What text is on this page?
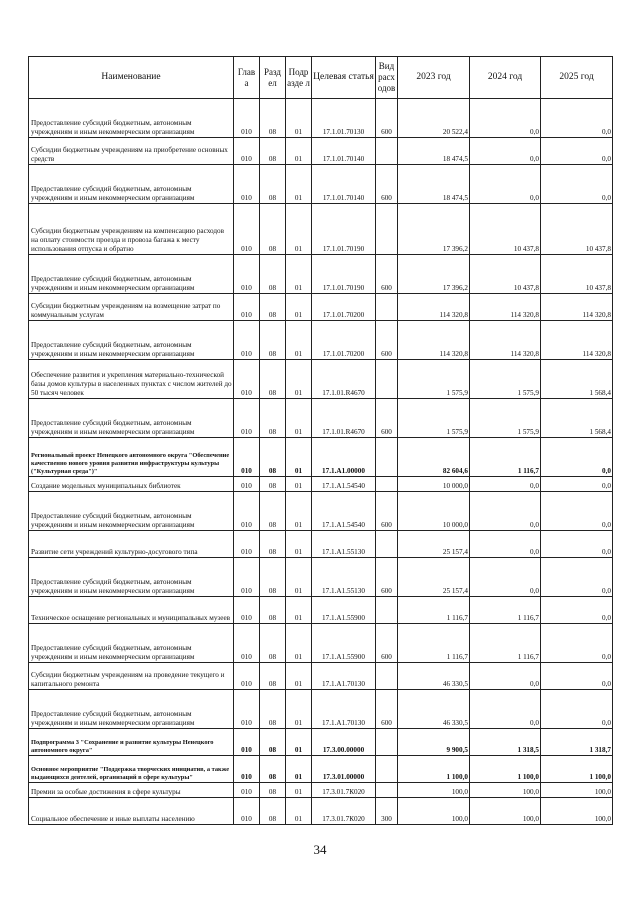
Наименование	Глав а	Разд ел	Подр азде л	Целевая статья	Вид расх одов	2023 год	2024 год	2025 год
Предоставление субсидий бюджетным, автономным учреждениям и иным некоммерческим организациям	010	08	01	17.1.01.70130	600	20 522,4	0,0	0,0
Субсидии бюджетным учреждениям на приобретение основных средств	010	08	01	17.1.01.70140		18 474,5	0,0	0,0
Предоставление субсидий бюджетным, автономным учреждениям и иным некоммерческим организациям	010	08	01	17.1.01.70140	600	18 474,5	0,0	0,0
Субсидии бюджетным учреждениям на компенсацию расходов на оплату стоимости проезда и провоза багажа к месту использования отпуска и обратно	010	08	01	17.1.01.70190		17 396,2	10 437,8	10 437,8
Предоставление субсидий бюджетным, автономным учреждениям и иным некоммерческим организациям	010	08	01	17.1.01.70190	600	17 396,2	10 437,8	10 437,8
Субсидии бюджетным учреждениям на возмещение затрат по коммунальным услугам	010	08	01	17.1.01.70200		114 320,8	114 320,8	114 320,8
Предоставление субсидий бюджетным, автономным учреждениям и иным некоммерческим организациям	010	08	01	17.1.01.70200	600	114 320,8	114 320,8	114 320,8
Обеспечение развития и укрепления материально-технической базы домов культуры в населенных пунктах с числом жителей до 50 тысяч человек	010	08	01	17.1.01.R4670		1 575,9	1 575,9	1 568,4
Предоставление субсидий бюджетным, автономным учреждениям и иным некоммерческим организациям	010	08	01	17.1.01.R4670	600	1 575,9	1 575,9	1 568,4
Региональный проект Ненецкого автономного округа "Обеспечение качественно нового уровня развития инфраструктуры культуры ("Культурная среда")"	010	08	01	17.1.A1.00000		82 604,6	1 116,7	0,0
Создание модельных муниципальных библиотек	010	08	01	17.1.A1.54540		10 000,0	0,0	0,0
Предоставление субсидий бюджетным, автономным учреждениям и иным некоммерческим организациям	010	08	01	17.1.A1.54540	600	10 000,0	0,0	0,0
Развитие сети учреждений культурно-досугового типа	010	08	01	17.1.A1.55130		25 157,4	0,0	0,0
Предоставление субсидий бюджетным, автономным учреждениям и иным некоммерческим организациям	010	08	01	17.1.A1.55130	600	25 157,4	0,0	0,0
Техническое оснащение региональных и муниципальных музеев	010	08	01	17.1.A1.55900		1 116,7	1 116,7	0,0
Предоставление субсидий бюджетным, автономным учреждениям и иным некоммерческим организациям	010	08	01	17.1.A1.55900	600	1 116,7	1 116,7	0,0
Субсидии бюджетным учреждениям на проведение текущего и капитального ремонта	010	08	01	17.1.A1.70130		46 330,5	0,0	0,0
Предоставление субсидий бюджетным, автономным учреждениям и иным некоммерческим организациям	010	08	01	17.1.A1.70130	600	46 330,5	0,0	0,0
Подпрограмма 3 "Сохранение и развитие культуры Ненецкого автономного округа"	010	08	01	17.3.00.00000		9 900,5	1 318,5	1 318,7
Основное мероприятие "Поддержка творческих инициатив, а также выдающихся деятелей, организаций в сфере культуры"	010	08	01	17.3.01.00000		1 100,0	1 100,0	1 100,0
Премии за особые достижения в сфере культуры	010	08	01	17.3.01.7К020		100,0	100,0	100,0
Социальное обеспечение и иные выплаты населению	010	08	01	17.3.01.7К020	300	100,0	100,0	100,0
34
